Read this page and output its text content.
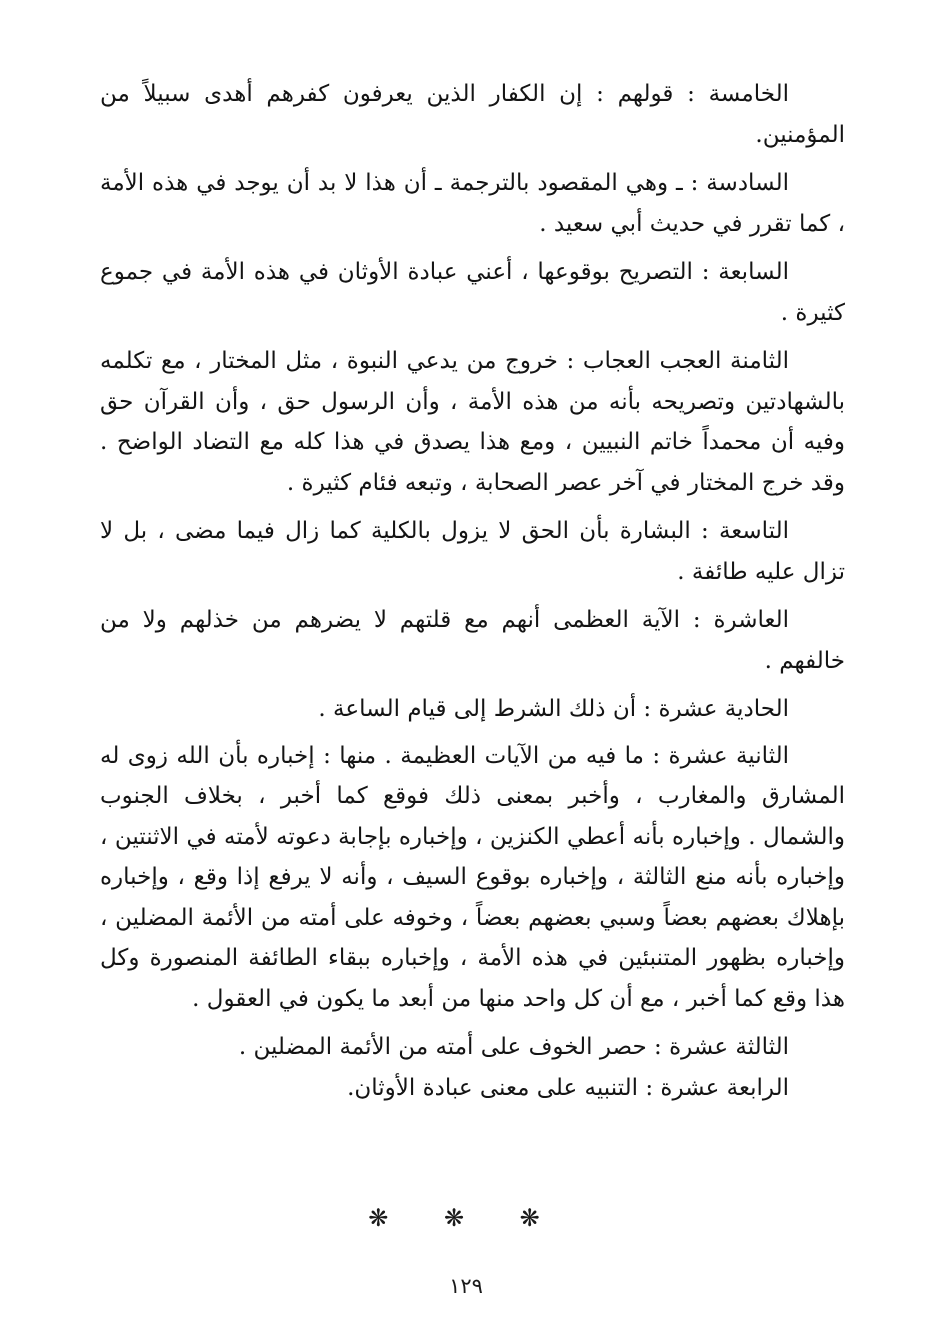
الخامسة : قولهم : إن الكفار الذين يعرفون كفرهم أهدى سبيلاً من المؤمنين.

السادسة : ـ وهي المقصود بالترجمة ـ أن هذا لا بد أن يوجد في هذه الأمة ، كما تقرر في حديث أبي سعيد .

السابعة : التصريح بوقوعها ، أعني عبادة الأوثان في هذه الأمة في جموع كثيرة .

الثامنة العجب العجاب : خروج من يدعي النبوة ، مثل المختار ، مع تكلمه بالشهادتين وتصريحه بأنه من هذه الأمة ، وأن الرسول حق ، وأن القرآن حق وفيه أن محمداً خاتم النبيين ، ومع هذا يصدق في هذا كله مع التضاد الواضح . وقد خرج المختار في آخر عصر الصحابة ، وتبعه فئام كثيرة .

التاسعة : البشارة بأن الحق لا يزول بالكلية كما زال فيما مضى ، بل لا تزال عليه طائفة .

العاشرة : الآية العظمى أنهم مع قلتهم لا يضرهم من خذلهم ولا من خالفهم .

الحادية عشرة : أن ذلك الشرط إلى قيام الساعة .

الثانية عشرة : ما فيه من الآيات العظيمة . منها : إخباره بأن الله زوى له المشارق والمغارب ، وأخبر بمعنى ذلك فوقع كما أخبر ، بخلاف الجنوب والشمال . وإخباره بأنه أعطي الكنزين ، وإخباره بإجابة دعوته لأمته في الاثنتين ، وإخباره بأنه منع الثالثة ، وإخباره بوقوع السيف ، وأنه لا يرفع إذا وقع ، وإخباره بإهلاك بعضهم بعضاً وسبي بعضهم بعضاً ، وخوفه على أمته من الأئمة المضلين ، وإخباره بظهور المتنبئين في هذه الأمة ، وإخباره ببقاء الطائفة المنصورة وكل هذا وقع كما أخبر ، مع أن كل واحد منها من أبعد ما يكون في العقول .

الثالثة عشرة : حصر الخوف على أمته من الأئمة المضلين .

الرابعة عشرة : التنبيه على معنى عبادة الأوثان.

❋ ❋ ❋
١٢٩
